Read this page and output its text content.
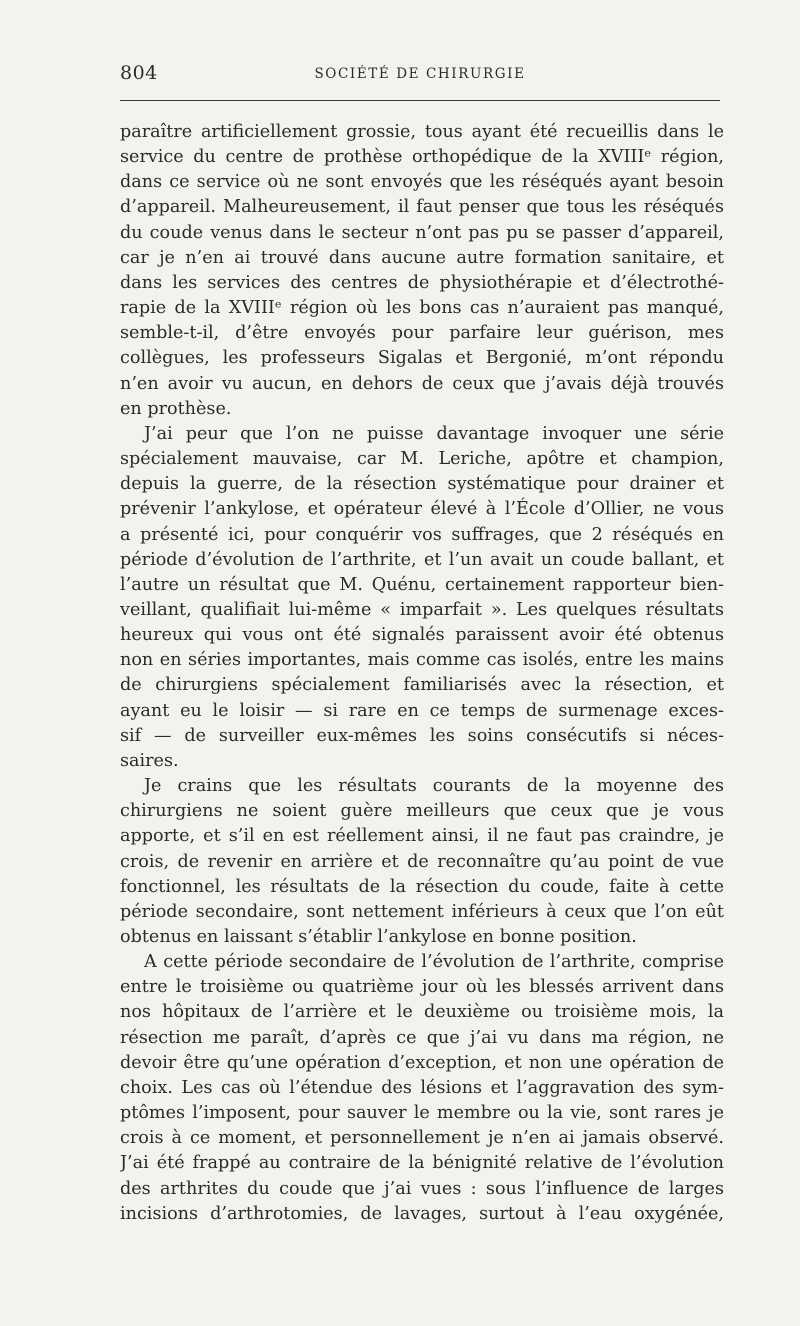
804	SOCIÉTÉ DE CHIRURGIE
paraître artificiellement grossie, tous ayant été recueillis dans le
service du centre de prothèse orthopédique de la XVIIIᵉ région,
dans ce service où ne sont envoyés que les réséqués ayant besoin
d’appareil. Malheureusement, il faut penser que tous les réséqués
du coude venus dans le secteur n’ont pas pu se passer d’appareil,
car je n’en ai trouvé dans aucune autre formation sanitaire, et
dans les services des centres de physiothérapie et d’électrothé-
rapie de la XVIIIᵉ région où les bons cas n’auraient pas manqué,
semble-t-il, d’être envoyés pour parfaire leur guérison, mes
collègues, les professeurs Sigalas et Bergonié, m’ont répondu
n’en avoir vu aucun, en dehors de ceux que j’avais déjà trouvés
en prothèse.
J’ai peur que l’on ne puisse davantage invoquer une série
spécialement mauvaise, car M. Leriche, apôtre et champion,
depuis la guerre, de la résection systématique pour drainer et
prévenir l’ankylose, et opérateur élevé à l’École d’Ollier, ne vous
a présenté ici, pour conquérir vos suffrages, que 2 réséqués en
période d’évolution de l’arthrite, et l’un avait un coude ballant, et
l’autre un résultat que M. Quénu, certainement rapporteur bien-
veillant, qualifiait lui-même « imparfait ». Les quelques résultats
heureux qui vous ont été signalés paraissent avoir été obtenus
non en séries importantes, mais comme cas isolés, entre les mains
de chirurgiens spécialement familiarisés avec la résection, et
ayant eu le loisir — si rare en ce temps de surmenage exces-
sif — de surveiller eux-mêmes les soins consécutifs si néces-
saires.
Je crains que les résultats courants de la moyenne des
chirurgiens ne soient guère meilleurs que ceux que je vous
apporte, et s’il en est réellement ainsi, il ne faut pas craindre, je
crois, de revenir en arrière et de reconnaître qu’au point de vue
fonctionnel, les résultats de la résection du coude, faite à cette
période secondaire, sont nettement inférieurs à ceux que l’on eût
obtenus en laissant s’établir l’ankylose en bonne position.
A cette période secondaire de l’évolution de l’arthrite, comprise
entre le troisième ou quatrième jour où les blessés arrivent dans
nos hôpitaux de l’arrière et le deuxième ou troisième mois, la
résection me paraît, d’après ce que j’ai vu dans ma région, ne
devoir être qu’une opération d’exception, et non une opération de
choix. Les cas où l’étendue des lésions et l’aggravation des sym-
ptômes l’imposent, pour sauver le membre ou la vie, sont rares je
crois à ce moment, et personnellement je n’en ai jamais observé.
J’ai été frappé au contraire de la bénignité relative de l’évolution
des arthrites du coude que j’ai vues : sous l’influence de larges
incisions d’arthrotomies, de lavages, surtout à l’eau oxygénée,
